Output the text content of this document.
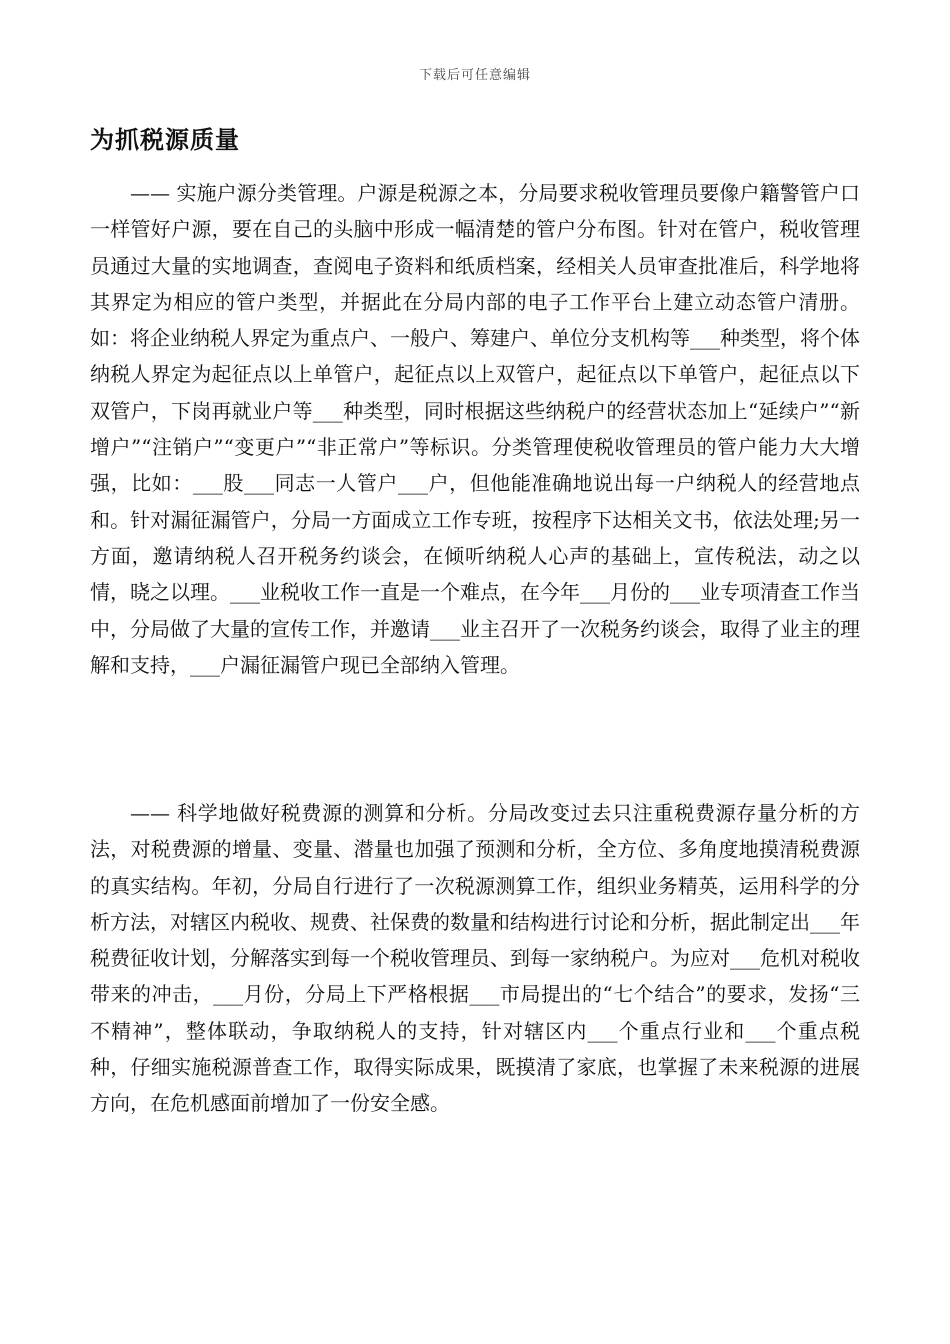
下载后可任意编辑
为抓税源质量

—— 实施户源分类管理。户源是税源之本，分局要求税收管理员要像户籍警管户口一样管好户源，要在自己的头脑中形成一幅清楚的管户分布图。针对在管户，税收管理员通过大量的实地调查，查阅电子资料和纸质档案，经相关人员审查批准后，科学地将其界定为相应的管户类型，并据此在分局内部的电子工作平台上建立动态管户清册。如：将企业纳税人界定为重点户、一般户、筹建户、单位分支机构等___种类型，将个体纳税人界定为起征点以上单管户，起征点以上双管户，起征点以下单管户，起征点以下双管户，下岗再就业户等___种类型，同时根据这些纳税户的经营状态加上“延续户”“新增户”“注销户”“变更户”“非正常户”等标识。分类管理使税收管理员的管户能力大大增强，比如：___股___同志一人管户___户，但他能准确地说出每一户纳税人的经营地点和。针对漏征漏管户，分局一方面成立工作专班，按程序下达相关文书，依法处理;另一方面，邀请纳税人召开税务约谈会，在倾听纳税人心声的基础上，宣传税法，动之以情，晓之以理。___业税收工作一直是一个难点，在今年___月份的___业专项清查工作当中，分局做了大量的宣传工作，并邀请___业主召开了一次税务约谈会，取得了业主的理解和支持，___户漏征漏管户现已全部纳入管理。

—— 科学地做好税费源的测算和分析。分局改变过去只注重税费源存量分析的方法，对税费源的增量、变量、潜量也加强了预测和分析，全方位、多角度地摸清税费源的真实结构。年初，分局自行进行了一次税源测算工作，组织业务精英，运用科学的分析方法，对辖区内税收、规费、社保费的数量和结构进行讨论和分析，据此制定出___年税费征收计划，分解落实到每一个税收管理员、到每一家纳税户。为应对___危机对税收带来的冲击，___月份，分局上下严格根据___市局提出的“七个结合”的要求，发扬“三不精神”，整体联动，争取纳税人的支持，针对辖区内___个重点行业和___个重点税种，仔细实施税源普查工作，取得实际成果，既摸清了家底，也掌握了未来税源的进展方向，在危机感面前增加了一份安全感。
